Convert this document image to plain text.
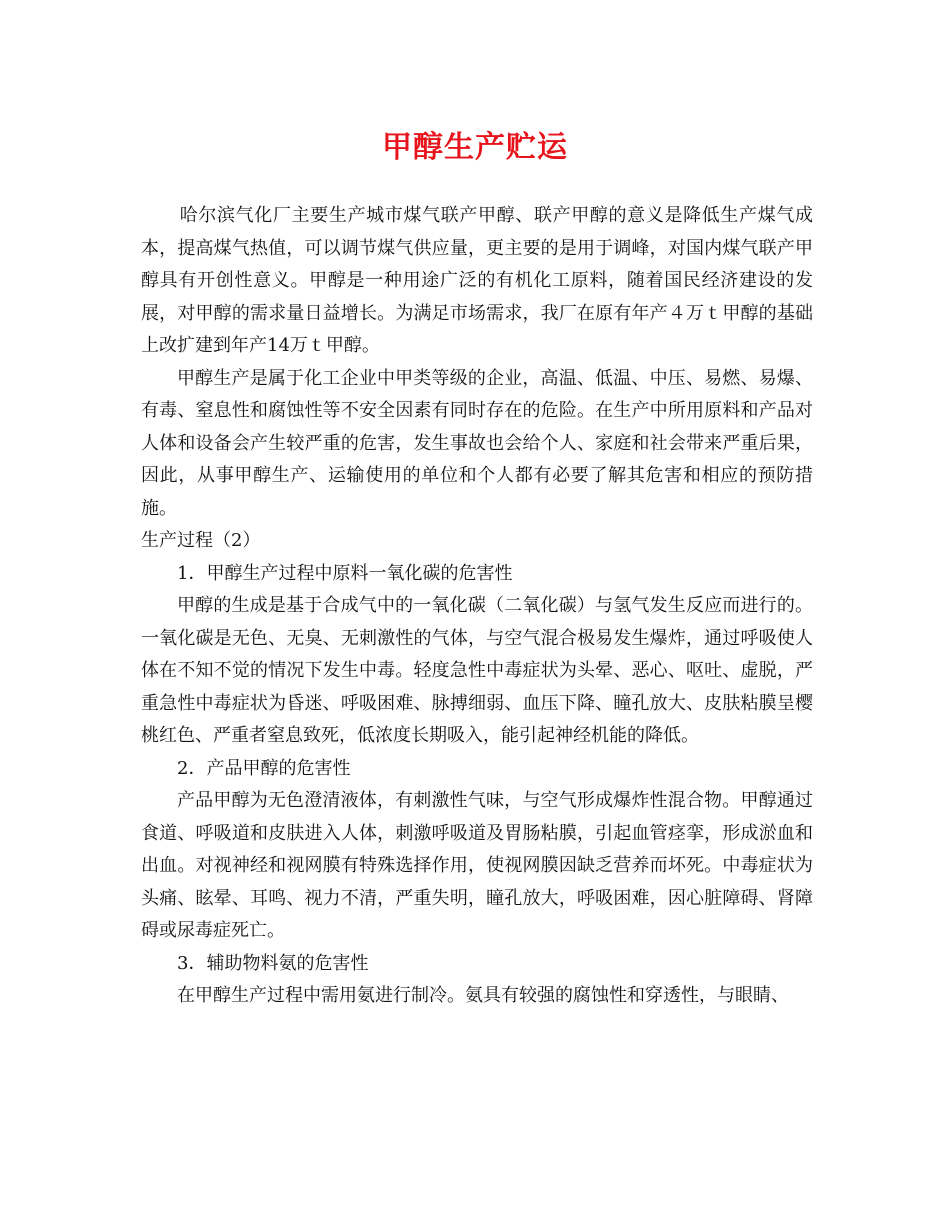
甲醇生产贮运

哈尔滨气化厂主要生产城市煤气联产甲醇、联产甲醇的意义是降低生产煤气成本，提高煤气热值，可以调节煤气供应量，更主要的是用于调峰，对国内煤气联产甲醇具有开创性意义。甲醇是一种用途广泛的有机化工原料，随着国民经济建设的发展，对甲醇的需求量日益增长。为满足市场需求，我厂在原有年产４万ｔ甲醇的基础上改扩建到年产14万ｔ甲醇。

甲醇生产是属于化工企业中甲类等级的企业，高温、低温、中压、易燃、易爆、有毒、窒息性和腐蚀性等不安全因素有同时存在的危险。在生产中所用原料和产品对人体和设备会产生较严重的危害，发生事故也会给个人、家庭和社会带来严重后果，因此，从事甲醇生产、运输使用的单位和个人都有必要了解其危害和相应的预防措施。

生产过程（2）

1．甲醇生产过程中原料一氧化碳的危害性

甲醇的生成是基于合成气中的一氧化碳（二氧化碳）与氢气发生反应而进行的。一氧化碳是无色、无臭、无刺激性的气体，与空气混合极易发生爆炸，通过呼吸使人体在不知不觉的情况下发生中毒。轻度急性中毒症状为头晕、恶心、呕吐、虚脱，严重急性中毒症状为昏迷、呼吸困难、脉搏细弱、血压下降、瞳孔放大、皮肤粘膜呈樱桃红色、严重者窒息致死，低浓度长期吸入，能引起神经机能的降低。

2．产品甲醇的危害性

产品甲醇为无色澄清液体，有刺激性气味，与空气形成爆炸性混合物。甲醇通过食道、呼吸道和皮肤进入人体，刺激呼吸道及胃肠粘膜，引起血管痉挛，形成淤血和出血。对视神经和视网膜有特殊选择作用，使视网膜因缺乏营养而坏死。中毒症状为头痛、眩晕、耳鸣、视力不清，严重失明，瞳孔放大，呼吸困难，因心脏障碍、肾障碍或尿毒症死亡。

3．辅助物料氨的危害性

在甲醇生产过程中需用氨进行制冷。氨具有较强的腐蚀性和穿透性，与眼睛、
